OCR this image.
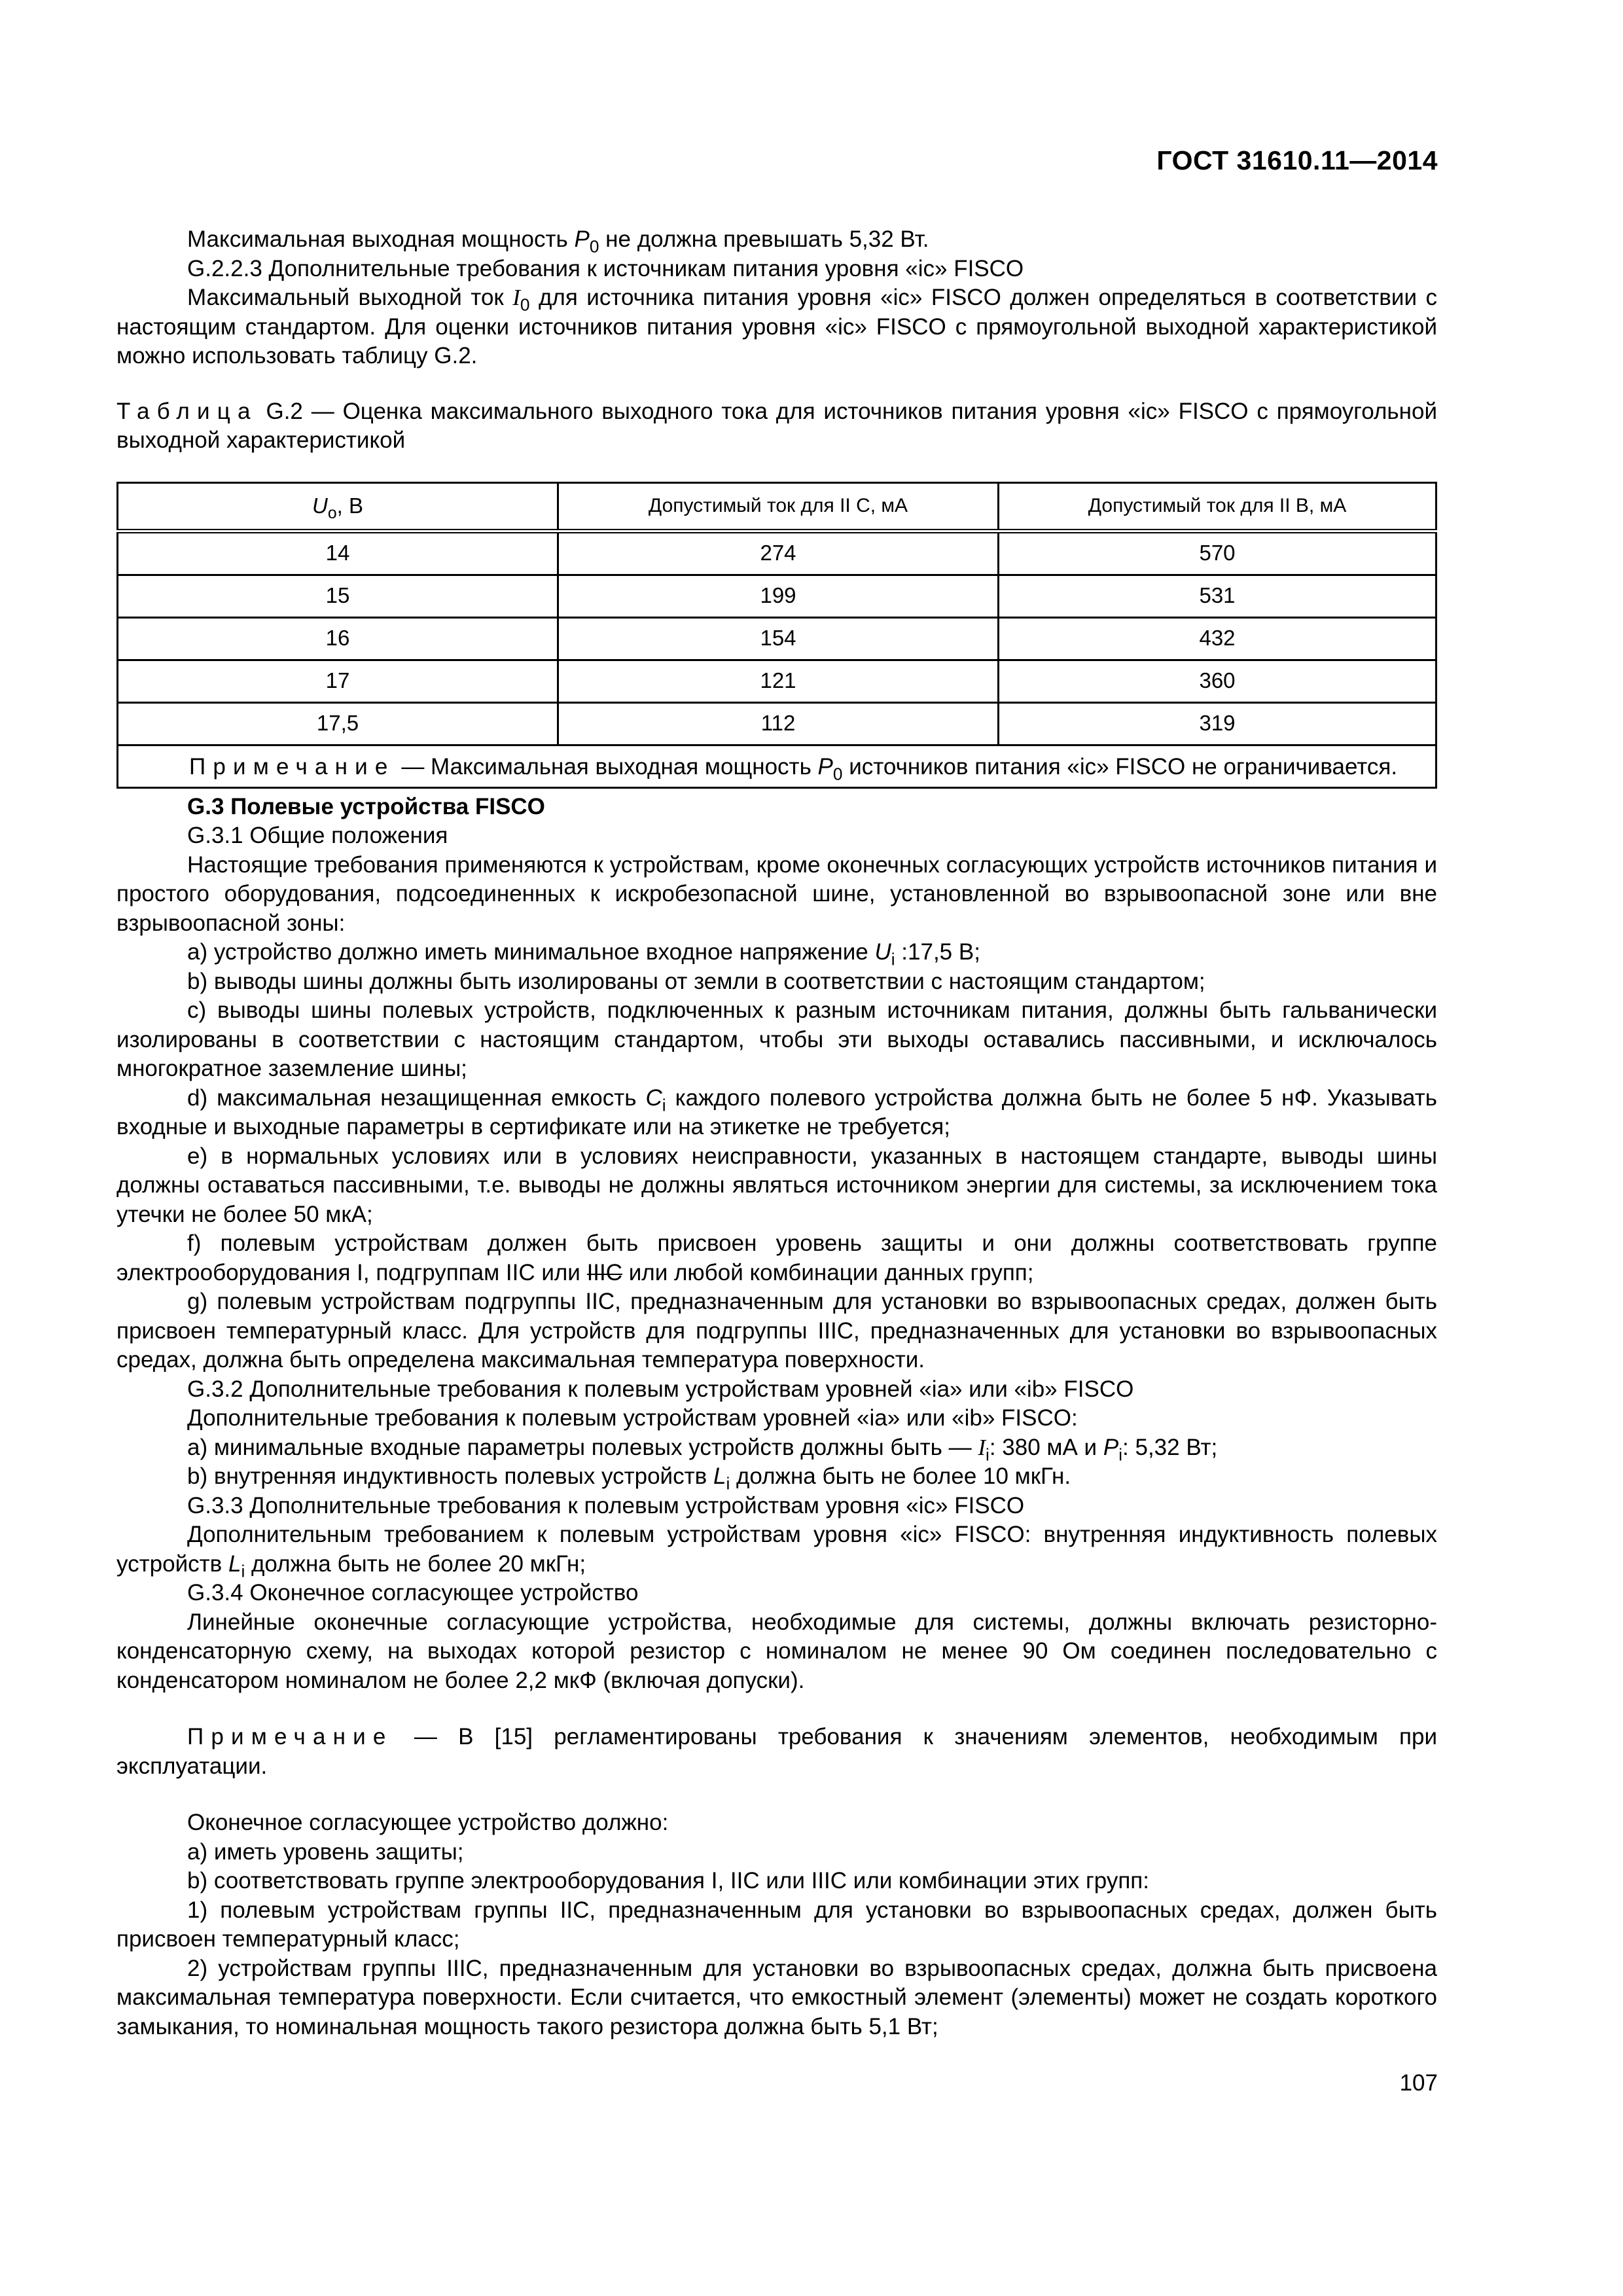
ГОСТ 31610.11—2014

Максимальная выходная мощность $P_0$ не должна превышать 5,32 Вт.

G.2.2.3 Дополнительные требования к источникам питания уровня «ic» FISCO

Максимальный выходной ток $I_0$ для источника питания уровня «ic» FISCO должен определяться в соответствии с настоящим стандартом. Для оценки источников питания уровня «ic» FISCO с прямоугольной выходной характеристикой можно использовать таблицу G.2.

Таблица G.2 — Оценка максимального выходного тока для источников питания уровня «ic» FISCO с прямоугольной выходной характеристикой

$U_o$, В	Допустимый ток для II C, мА	Допустимый ток для II B, мА
14	274	570
15	199	531
16	154	432
17	121	360
17,5	112	319
Примечание — Максимальная выходная мощность $P_0$ источников питания «ic» FISCO не ограничивается.		

G.3 Полевые устройства FISCO

G.3.1 Общие положения

Настоящие требования применяются к устройствам, кроме оконечных согласующих устройств источников питания и простого оборудования, подсоединенных к искробезопасной шине, установленной во взрывоопасной зоне или вне взрывоопасной зоны:

a) устройство должно иметь минимальное входное напряжение $U_i$ :17,5 В;

b) выводы шины должны быть изолированы от земли в соответствии с настоящим стандартом;

c) выводы шины полевых устройств, подключенных к разным источникам питания, должны быть гальванически изолированы в соответствии с настоящим стандартом, чтобы эти выходы оставались пассивными, и исключалось многократное заземление шины;

d) максимальная незащищенная емкость $C_i$ каждого полевого устройства должна быть не более 5 нФ. Указывать входные и выходные параметры в сертификате или на этикетке не требуется;

e) в нормальных условиях или в условиях неисправности, указанных в настоящем стандарте, выводы шины должны оставаться пассивными, т.е. выводы не должны являться источником энергии для системы, за исключением тока утечки не более 50 мкА;

f) полевым устройствам должен быть присвоен уровень защиты и они должны соответствовать группе электрооборудования I, подгруппам IIC или IIIC или любой комбинации данных групп;

g) полевым устройствам подгруппы IIC, предназначенным для установки во взрывоопасных средах, должен быть присвоен температурный класс. Для устройств для подгруппы IIIC, предназначенных для установки во взрывоопасных средах, должна быть определена максимальная температура поверхности.

G.3.2 Дополнительные требования к полевым устройствам уровней «ia» или «ib» FISCO

Дополнительные требования к полевым устройствам уровней «ia» или «ib» FISCO:

a) минимальные входные параметры полевых устройств должны быть — $I_i$: 380 мА и $P_i$: 5,32 Вт;

b) внутренняя индуктивность полевых устройств $L_i$ должна быть не более 10 мкГн.

G.3.3 Дополнительные требования к полевым устройствам уровня «ic» FISCO

Дополнительным требованием к полевым устройствам уровня «ic» FISCO: внутренняя индуктивность полевых устройств $L_i$ должна быть не более 20 мкГн;

G.3.4 Оконечное согласующее устройство

Линейные оконечные согласующие устройства, необходимые для системы, должны включать резисторно-конденсаторную схему, на выходах которой резистор с номиналом не менее 90 Ом соединен последовательно с конденсатором номиналом не более 2,2 мкФ (включая допуски).

Примечание — В [15] регламентированы требования к значениям элементов, необходимым при эксплуатации.

Оконечное согласующее устройство должно:

a) иметь уровень защиты;

b) соответствовать группе электрооборудования I, IIC или IIIC или комбинации этих групп:

1) полевым устройствам группы IIC, предназначенным для установки во взрывоопасных средах, должен быть присвоен температурный класс;

2) устройствам группы IIIC, предназначенным для установки во взрывоопасных средах, должна быть присвоена максимальная температура поверхности. Если считается, что емкостный элемент (элементы) может не создать короткого замыкания, то номинальная мощность такого резистора должна быть 5,1 Вт;

107
